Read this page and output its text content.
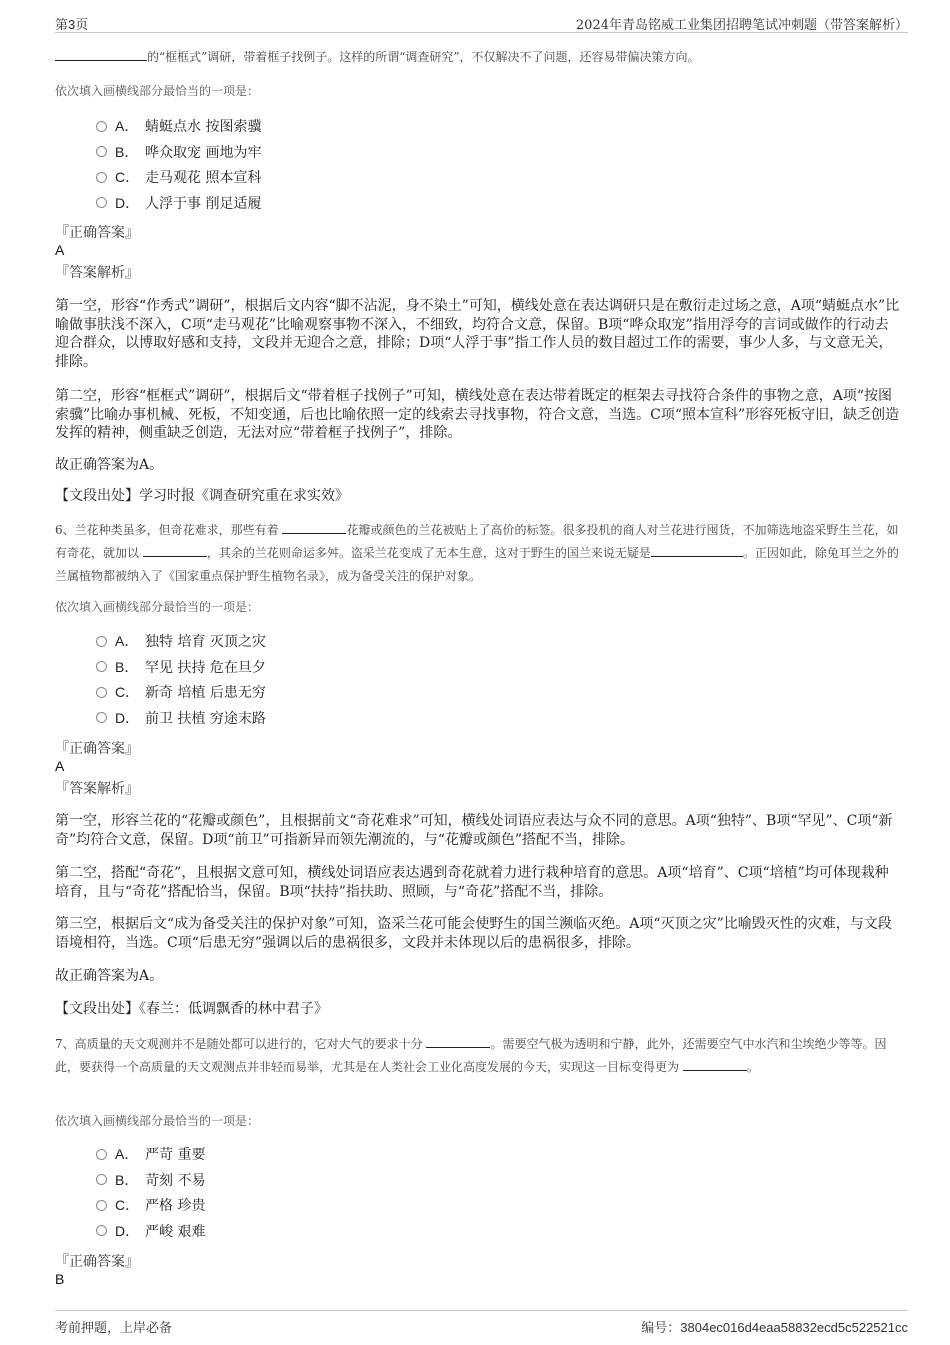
第3页	2024年青岛铭威工业集团招聘笔试冲刺题（带答案解析）
的“框框式”调研，带着框子找例子。这样的所谓“调查研究”，不仅解决不了问题，还容易带偏决策方向。
依次填入画横线部分最恰当的一项是：
A． 蜻蜓点水 按图索骥
B． 哗众取宠 画地为牢
C． 走马观花 照本宣科
D． 人浮于事 削足适履
『正确答案』
A
『答案解析』
第一空，形容“作秀式”调研”，根据后文内容“脚不沾泥，身不染土”可知，横线处意在表达调研只是在敷衍走过场之意，A项“蜻蜓点水”比喻做事肤浅不深入，C项“走马观花”比喻观察事物不深入，不细致，均符合文意，保留。B项“哗众取宠”指用浮夸的言词或做作的行动去迎合群众，以博取好感和支持，文段并无迎合之意，排除；D项“人浮于事”指工作人员的数目超过工作的需要，事少人多，与文意无关，排除。
第二空，形容“框框式”调研”，根据后文“带着框子找例子”可知，横线处意在表达带着既定的框架去寻找符合条件的事物之意，A项“按图索骥”比喻办事机械、死板，不知变通，后也比喻依照一定的线索去寻找事物，符合文意，当选。C项“照本宣科”形容死板守旧，缺乏创造发挥的精神，侧重缺乏创造，无法对应“带着框子找例子”，排除。
故正确答案为A。
【文段出处】学习时报《调查研究重在求实效》
6、兰花种类虽多，但奇花难求，那些有着	花瓣或颜色的兰花被贴上了高价的标签。很多投机的商人对兰花进行囤货，不加筛选地盗采野生兰花，如有奇花，就加以	，其余的兰花则命运多舛。盗采兰花变成了无本生意，这对于野生的国兰来说无疑是	。正因如此，除兔耳兰之外的兰属植物都被纳入了《国家重点保护野生植物名录》，成为备受关注的保护对象。
依次填入画横线部分最恰当的一项是：
A． 独特 培育 灭顶之灾
B． 罕见 扶持 危在旦夕
C． 新奇 培植 后患无穷
D． 前卫 扶植 穷途末路
『正确答案』
A
『答案解析』
第一空，形容兰花的“花瓣或颜色”，且根据前文“奇花难求”可知，横线处词语应表达与众不同的意思。A项“独特”、B项“罕见”、C项“新奇”均符合文意，保留。D项“前卫”可指新异而领先潮流的，与“花瓣或颜色”搭配不当，排除。
第二空，搭配“奇花”，且根据文意可知，横线处词语应表达遇到奇花就着力进行栽种培育的意思。A项“培育”、C项“培植”均可体现栽种培育，且与“奇花”搭配恰当，保留。B项“扶持”指扶助、照顾，与“奇花”搭配不当，排除。
第三空，根据后文“成为备受关注的保护对象”可知，盗采兰花可能会使野生的国兰濒临灭绝。A项“灭顶之灾”比喻毁灭性的灾难，与文段语境相符，当选。C项“后患无穷”强调以后的患祸很多，文段并未体现以后的患祸很多，排除。
故正确答案为A。
【文段出处】《春兰：低调飘香的林中君子》
7、高质量的天文观测并不是随处都可以进行的，它对大气的要求十分	。需要空气极为透明和宁静，此外，还需要空气中水汽和尘埃绝少等等。因此，要获得一个高质量的天文观测点并非轻而易举，尤其是在人类社会工业化高度发展的今天，实现这一目标变得更为	。
依次填入画横线部分最恰当的一项是：
A． 严苛 重要
B． 苛刻 不易
C． 严格 珍贵
D． 严峻 艰难
『正确答案』
B
考前押题，上岸必备	编号：3804ec016d4eaa58832ecd5c522521cc
